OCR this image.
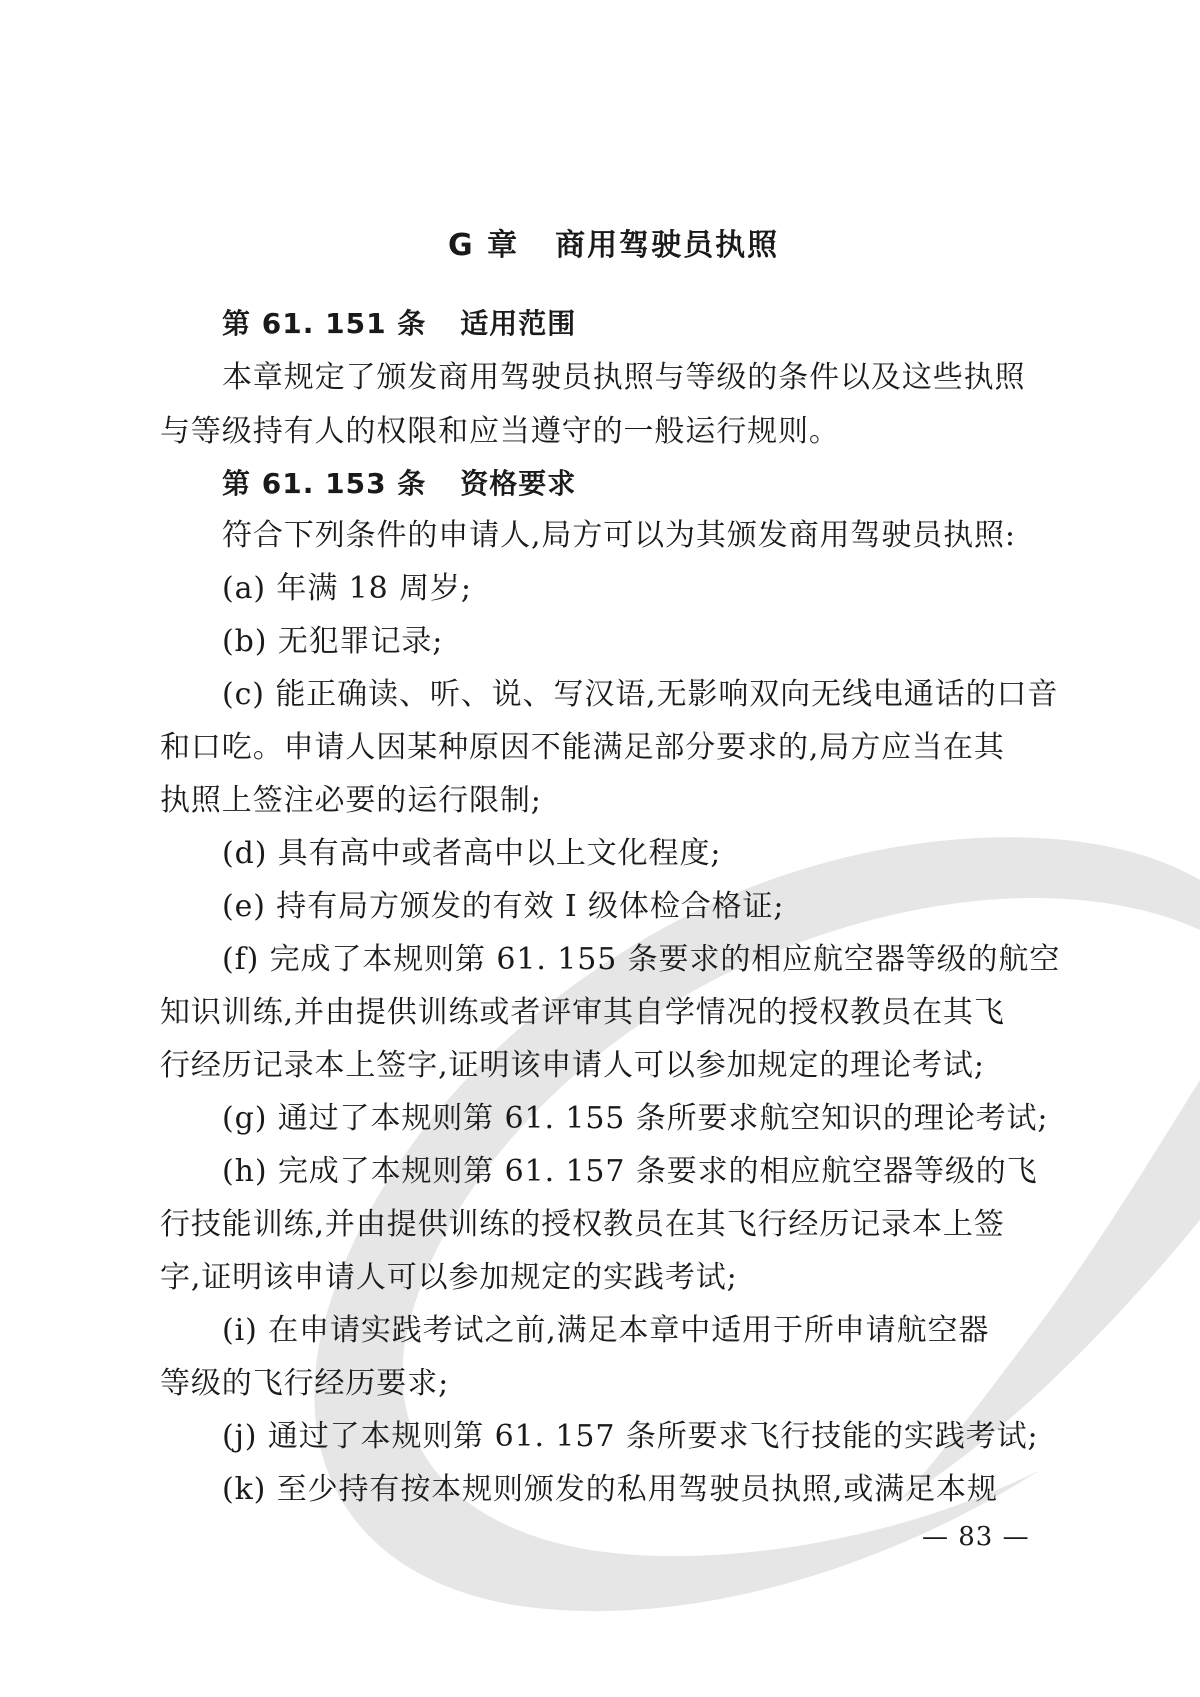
G 章 商用驾驶员执照
第 61. 151 条 适用范围
本章规定了颁发商用驾驶员执照与等级的条件以及这些执照
与等级持有人的权限和应当遵守的一般运行规则。
第 61. 153 条 资格要求
符合下列条件的申请人,局方可以为其颁发商用驾驶员执照:
(a) 年满 18 周岁;
(b) 无犯罪记录;
(c) 能正确读、听、说、写汉语,无影响双向无线电通话的口音
和口吃。申请人因某种原因不能满足部分要求的,局方应当在其
执照上签注必要的运行限制;
(d) 具有高中或者高中以上文化程度;
(e) 持有局方颁发的有效 I 级体检合格证;
(f) 完成了本规则第 61. 155 条要求的相应航空器等级的航空
知识训练,并由提供训练或者评审其自学情况的授权教员在其飞
行经历记录本上签字,证明该申请人可以参加规定的理论考试;
(g) 通过了本规则第 61. 155 条所要求航空知识的理论考试;
(h) 完成了本规则第 61. 157 条要求的相应航空器等级的飞
行技能训练,并由提供训练的授权教员在其飞行经历记录本上签
字,证明该申请人可以参加规定的实践考试;
(i) 在申请实践考试之前,满足本章中适用于所申请航空器
等级的飞行经历要求;
(j) 通过了本规则第 61. 157 条所要求飞行技能的实践考试;
(k) 至少持有按本规则颁发的私用驾驶员执照,或满足本规
— 83 —
